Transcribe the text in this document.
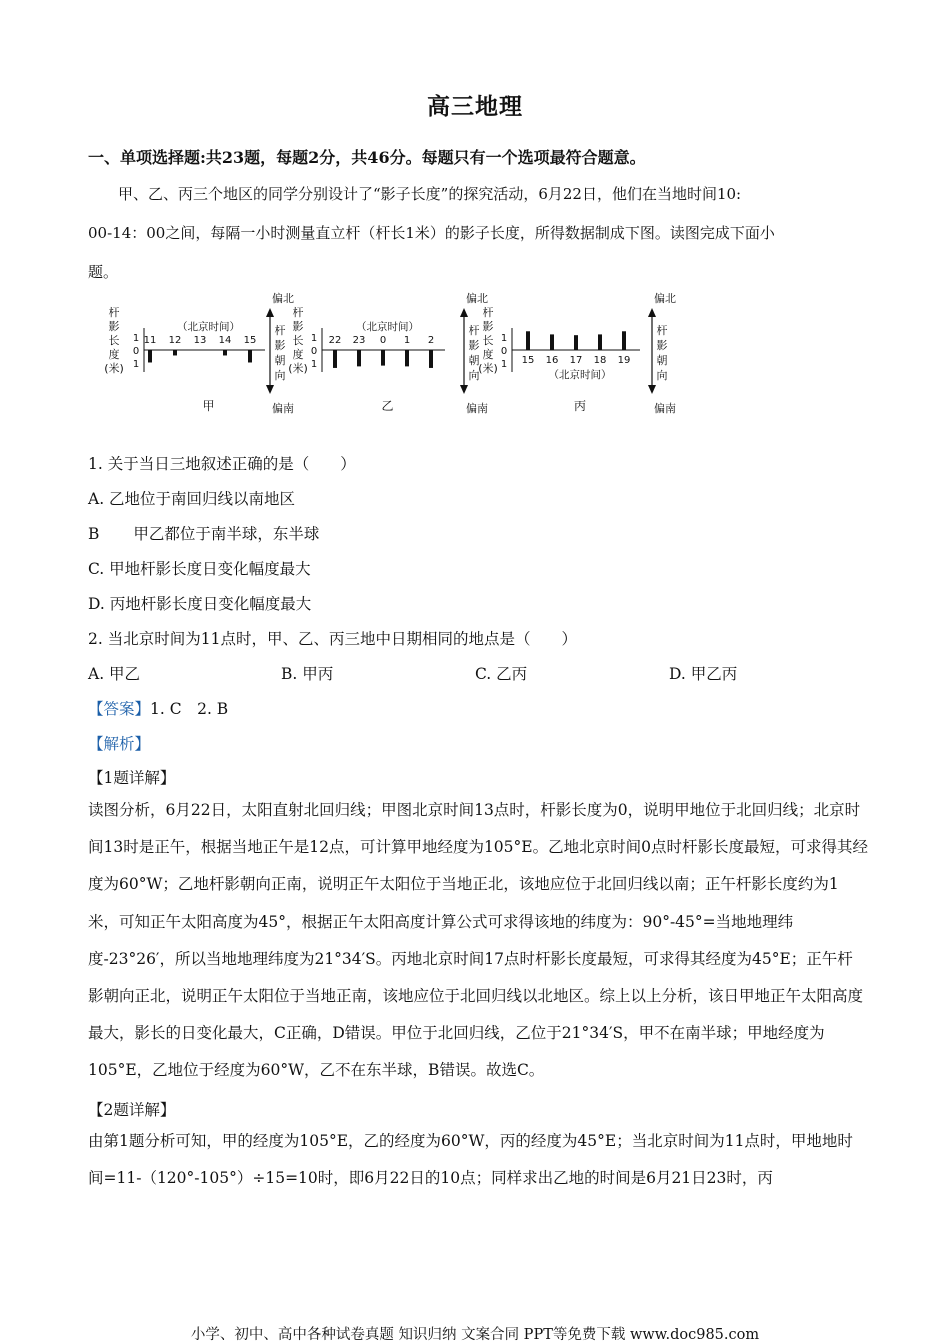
高三地理
一、单项选择题:共23题，每题2分，共46分。每题只有一个选项最符合题意。
甲、乙、丙三个地区的同学分别设计了“影子长度”的探究活动，6月22日，他们在当地时间10:
00-14：00之间，每隔一小时测量直立杆（杆长1米）的影子长度，所得数据制成下图。读图完成下面小
题。
杆
影
长
度
(米)
1
0
1
11 12 13 14 15
（北京时间）
偏北
偏南
杆
影
朝
向
甲
杆
影
长
度
(米)
1
0
1
22 23 0 1 2
（北京时间）
偏北
偏南
杆
影
朝
向
乙
杆
影
长
度
(米)
1
0
1 15 16 17 18 19
（北京时间）
偏北
偏南
杆
影
朝
向
丙
1. 关于当日三地叙述正确的是（　　）
A. 乙地位于南回归线以南地区
B 甲乙都位于南半球，东半球
C. 甲地杆影长度日变化幅度最大
D. 丙地杆影长度日变化幅度最大
2. 当北京时间为11点时，甲、乙、丙三地中日期相同的地点是（　　）
A. 甲乙	B. 甲丙	C. 乙丙	D. 甲乙丙
【答案】1. C　2. B
【解析】
【1题详解】
读图分析，6月22日，太阳直射北回归线；甲图北京时间13点时，杆影长度为0，说明甲地位于北回归线；北京时间13时是正午，根据当地正午是12点，可计算甲地经度为105°E。乙地北京时间0点时杆影长度最短，可求得其经度为60°W；乙地杆影朝向正南，说明正午太阳位于当地正北，该地应位于北回归线以南；正午杆影长度约为1米，可知正午太阳高度为45°，根据正午太阳高度计算公式可求得该地的纬度为：90°-45°=当地地理纬度-23°26′，所以当地地理纬度为21°34′S。丙地北京时间17点时杆影长度最短，可求得其经度为45°E；正午杆影朝向正北，说明正午太阳位于当地正南，该地应位于北回归线以北地区。综上以上分析，该日甲地正午太阳高度最大，影长的日变化最大，C正确，D错误。甲位于北回归线，乙位于21°34′S，甲不在南半球；甲地经度为105°E，乙地位于经度为60°W，乙不在东半球，B错误。故选C。
【2题详解】
由第1题分析可知，甲的经度为105°E，乙的经度为60°W，丙的经度为45°E；当北京时间为11点时，甲地地时间=11-（120°-105°）÷15=10时，即6月22日的10点；同样求出乙地的时间是6月21日23时，丙
小学、初中、高中各种试卷真题 知识归纳 文案合同 PPT等免费下载 www.doc985.com
